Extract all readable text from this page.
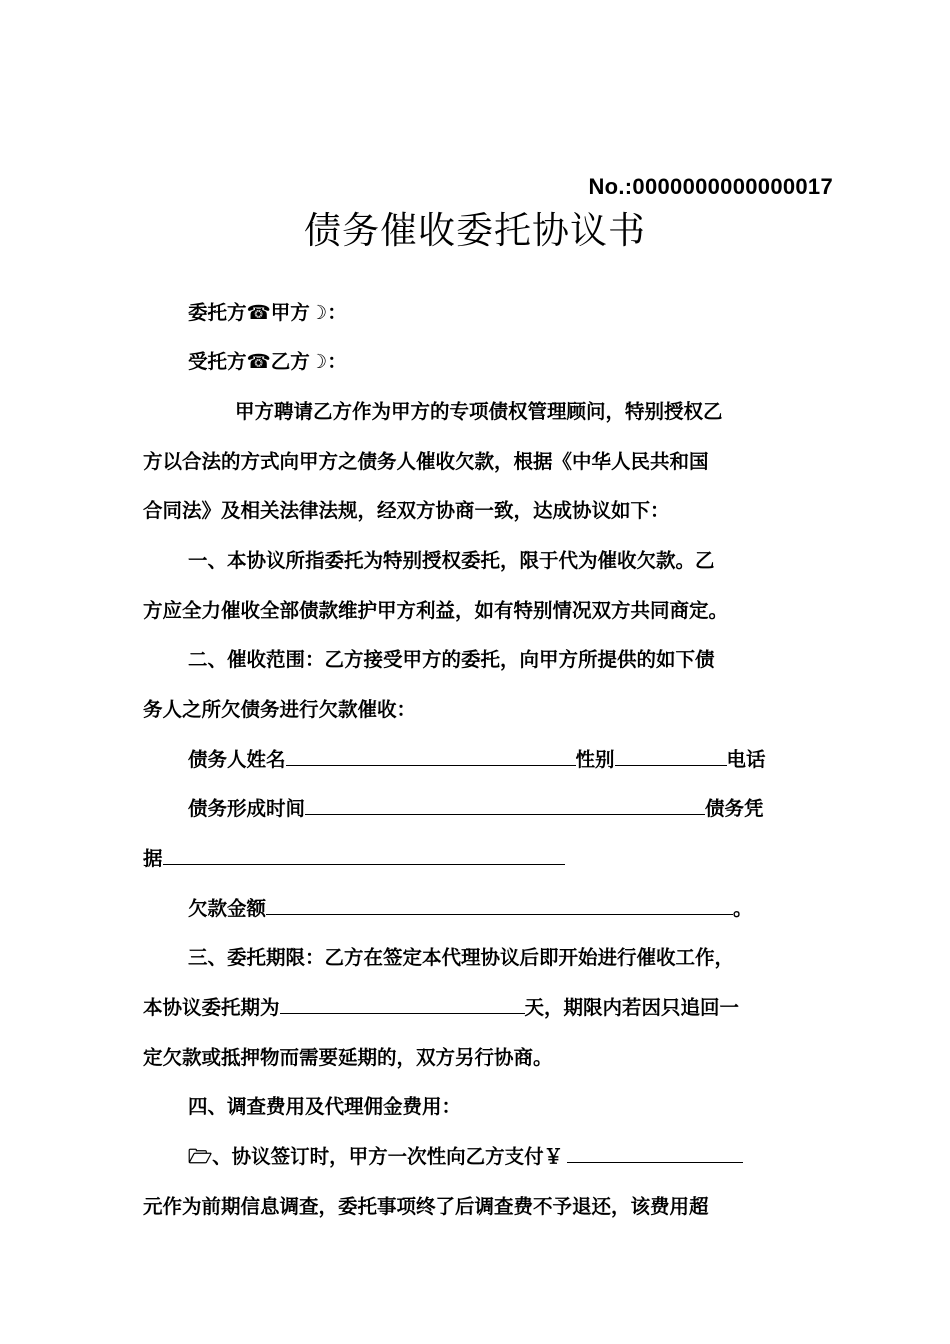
No.:0000000000000017
债务催收委托协议书
委托方☎甲方☽：
受托方☎乙方☽：
甲方聘请乙方作为甲方的专项债权管理顾问，特别授权乙
方以合法的方式向甲方之债务人催收欠款，根据《中华人民共和国
合同法》及相关法律法规，经双方协商一致，达成协议如下：
一、本协议所指委托为特别授权委托，限于代为催收欠款。乙
方应全力催收全部债款维护甲方利益，如有特别情况双方共同商定。
二、催收范围：乙方接受甲方的委托，向甲方所提供的如下债
务人之所欠债务进行欠款催收：
债务人姓名	性别	电话
债务形成时间	债务凭
据
欠款金额	。
三、委托期限：乙方在签定本代理协议后即开始进行催收工作，
本协议委托期为	天，期限内若因只追回一
定欠款或抵押物而需要延期的，双方另行协商。
四、调查费用及代理佣金费用：
🗁、协议签订时，甲方一次性向乙方支付￥
元作为前期信息调查，委托事项终了后调查费不予退还，该费用超
